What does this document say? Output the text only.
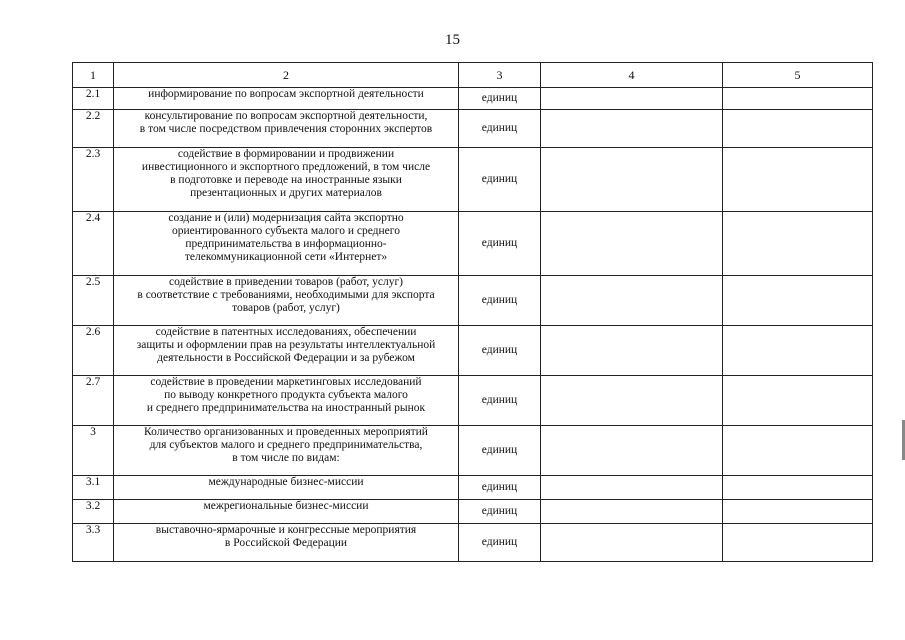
15
1	2	3	4	5
2.1	информирование по вопросам экспортной деятельности	единиц		
2.2	консультирование по вопросам экспортной деятельности,
в том числе посредством привлечения сторонних экспертов	единиц		
2.3	содействие в формировании и продвижении
инвестиционного и экспортного предложений, в том числе
в подготовке и переводе на иностранные языки
презентационных и других материалов	единиц		
2.4	создание и (или) модернизация сайта экспортно
ориентированного субъекта малого и среднего
предпринимательства в информационно-
телекоммуникационной сети «Интернет»	единиц		
2.5	содействие в приведении товаров (работ, услуг)
в соответствие с требованиями, необходимыми для экспорта
товаров (работ, услуг)	единиц		
2.6	содействие в патентных исследованиях, обеспечении
защиты и оформлении прав на результаты интеллектуальной
деятельности в Российской Федерации и за рубежом	единиц		
2.7	содействие в проведении маркетинговых исследований
по выводу конкретного продукта субъекта малого
и среднего предпринимательства на иностранный рынок	единиц		
3	Количество организованных и проведенных мероприятий
для субъектов малого и среднего предпринимательства,
в том числе по видам:	единиц		
3.1	международные бизнес-миссии	единиц		
3.2	межрегиональные бизнес-миссии	единиц		
3.3	выставочно-ярмарочные и конгрессные мероприятия
в Российской Федерации	единиц		
